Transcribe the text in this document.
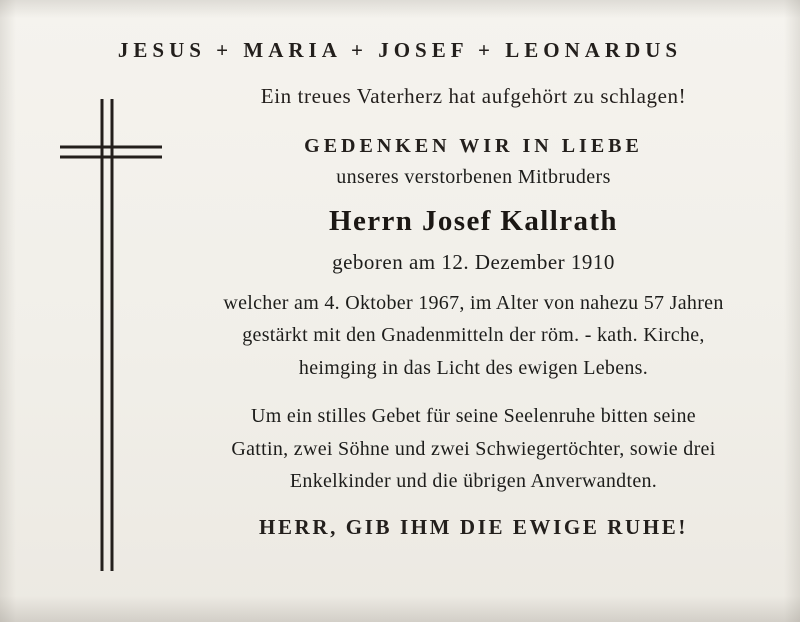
JESUS + MARIA + JOSEF + LEONARDUS

Ein treues Vaterherz hat aufgehört zu schlagen!

GEDENKEN WIR IN LIEBE

unseres verstorbenen Mitbruders

Herrn Josef Kallrath

geboren am 12. Dezember 1910

welcher am 4. Oktober 1967, im Alter von nahezu 57 Jahren

gestärkt mit den Gnadenmitteln der röm. - kath. Kirche,

heimging in das Licht des ewigen Lebens.

Um ein stilles Gebet für seine Seelenruhe bitten seine

Gattin, zwei Söhne und zwei Schwiegertöchter, sowie drei

Enkelkinder und die übrigen Anverwandten.

HERR, GIB IHM DIE EWIGE RUHE!
